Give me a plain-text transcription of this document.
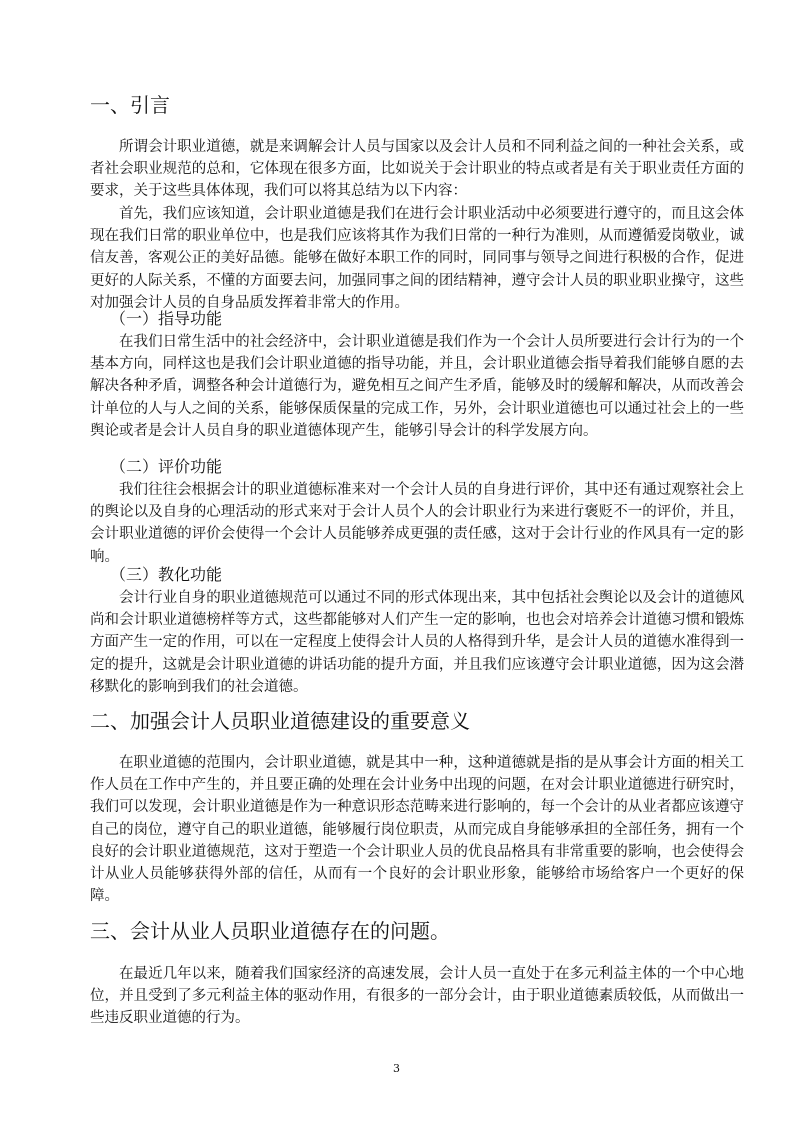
一、引言

所谓会计职业道德，就是来调解会计人员与国家以及会计人员和不同利益之间的一种社会关系，或者社会职业规范的总和，它体现在很多方面，比如说关于会计职业的特点或者是有关于职业责任方面的要求，关于这些具体体现，我们可以将其总结为以下内容：

首先，我们应该知道，会计职业道德是我们在进行会计职业活动中必须要进行遵守的，而且这会体现在我们日常的职业单位中，也是我们应该将其作为我们日常的一种行为准则，从而遵循爱岗敬业，诚信友善，客观公正的美好品德。能够在做好本职工作的同时，同同事与领导之间进行积极的合作，促进更好的人际关系，不懂的方面要去问，加强同事之间的团结精神，遵守会计人员的职业职业操守，这些对加强会计人员的自身品质发挥着非常大的作用。

（一）指导功能

在我们日常生活中的社会经济中，会计职业道德是我们作为一个会计人员所要进行会计行为的一个基本方向，同样这也是我们会计职业道德的指导功能，并且，会计职业道德会指导着我们能够自愿的去解决各种矛盾，调整各种会计道德行为，避免相互之间产生矛盾，能够及时的缓解和解决，从而改善会计单位的人与人之间的关系，能够保质保量的完成工作，另外，会计职业道德也可以通过社会上的一些舆论或者是会计人员自身的职业道德体现产生，能够引导会计的科学发展方向。

（二）评价功能

我们往往会根据会计的职业道德标准来对一个会计人员的自身进行评价，其中还有通过观察社会上的舆论以及自身的心理活动的形式来对于会计人员个人的会计职业行为来进行褒贬不一的评价，并且，会计职业道德的评价会使得一个会计人员能够养成更强的责任感，这对于会计行业的作风具有一定的影响。

（三）教化功能

会计行业自身的职业道德规范可以通过不同的形式体现出来，其中包括社会舆论以及会计的道德风尚和会计职业道德榜样等方式，这些都能够对人们产生一定的影响，也也会对培养会计道德习惯和锻炼方面产生一定的作用，可以在一定程度上使得会计人员的人格得到升华，是会计人员的道德水准得到一定的提升，这就是会计职业道德的讲话功能的提升方面，并且我们应该遵守会计职业道德，因为这会潜移默化的影响到我们的社会道德。

二、加强会计人员职业道德建设的重要意义

在职业道德的范围内，会计职业道德，就是其中一种，这种道德就是指的是从事会计方面的相关工作人员在工作中产生的，并且要正确的处理在会计业务中出现的问题，在对会计职业道德进行研究时，我们可以发现，会计职业道德是作为一种意识形态范畴来进行影响的，每一个会计的从业者都应该遵守自己的岗位，遵守自己的职业道德，能够履行岗位职责，从而完成自身能够承担的全部任务，拥有一个良好的会计职业道德规范，这对于塑造一个会计职业人员的优良品格具有非常重要的影响，也会使得会计从业人员能够获得外部的信任，从而有一个良好的会计职业形象，能够给市场给客户一个更好的保障。

三、会计从业人员职业道德存在的问题。

在最近几年以来，随着我们国家经济的高速发展，会计人员一直处于在多元利益主体的一个中心地位，并且受到了多元利益主体的驱动作用，有很多的一部分会计，由于职业道德素质较低，从而做出一些违反职业道德的行为。

3
